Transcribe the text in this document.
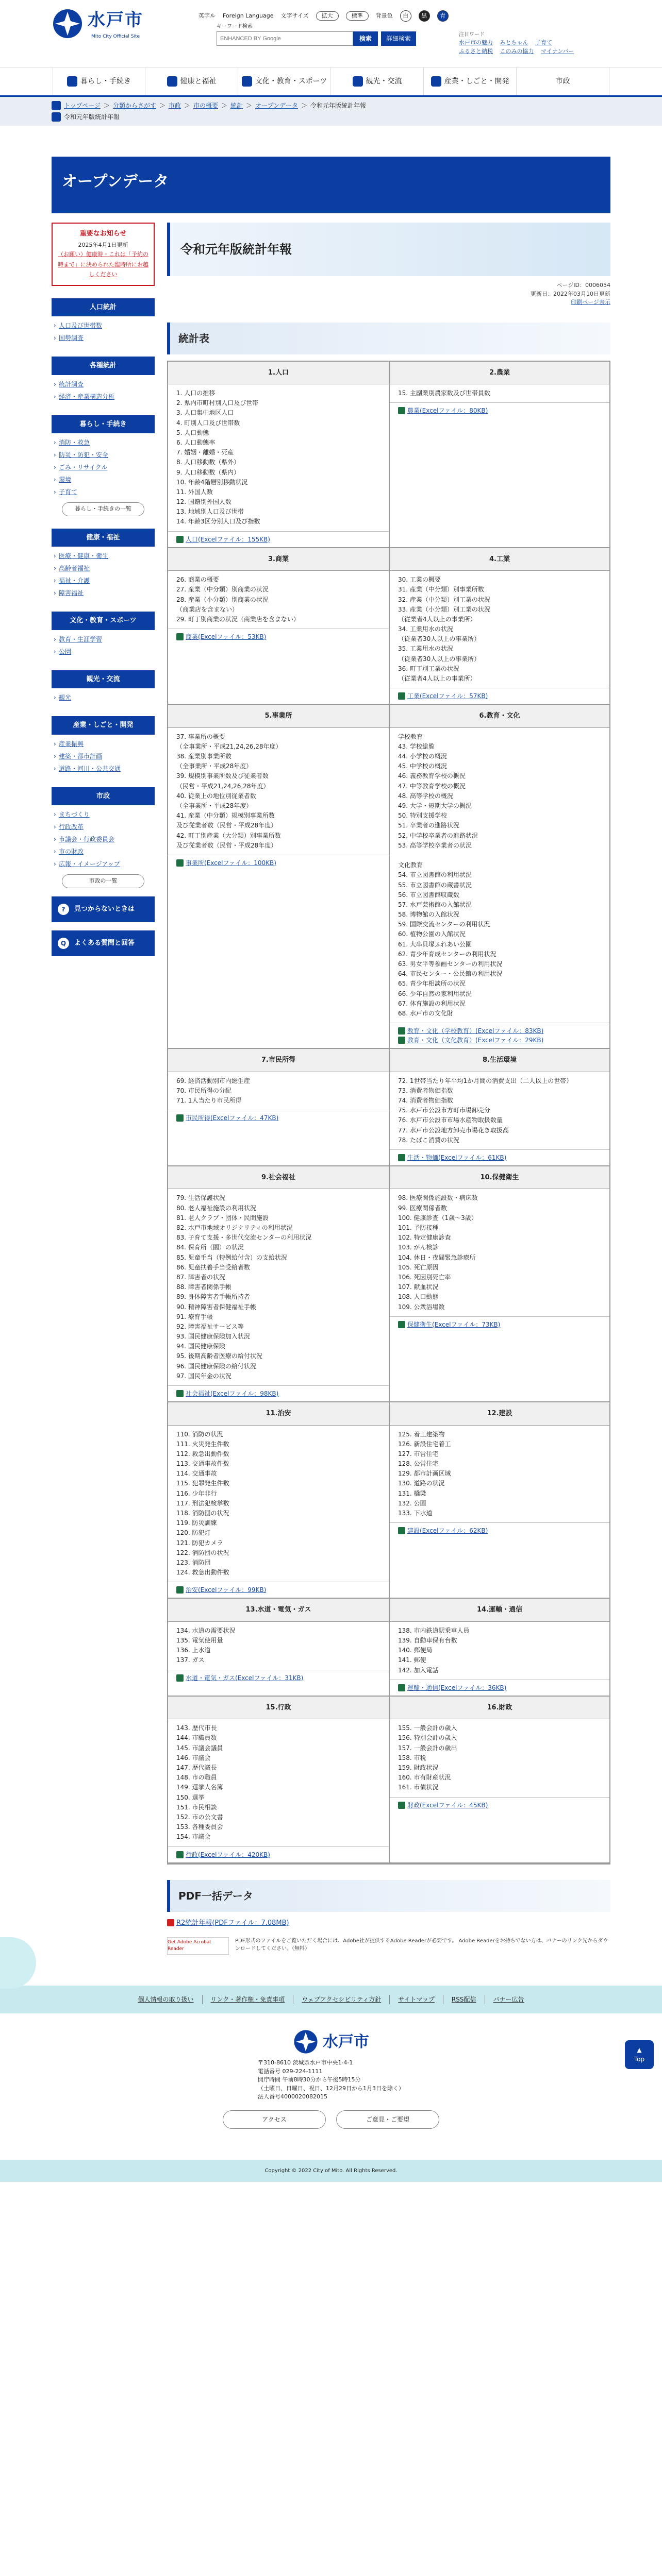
水戸市
Mito City Official Site
英字ル Foreign Language 文字サイズ	拡大	標準	背景色	白	黒	青
キーワード検索
ENHANCED BY Google
検索	詳細検索
注目ワード
水戸市の魅力 みとちゃん 子育て
ふるさと納税 このみの協力 マイナンバー
暮らし・手続き	健康と福祉	文化・教育・スポーツ	観光・交流	産業・しごと・開発	市政
トップページ ＞ 分類からさがす ＞ 市政 ＞ 市の概要 ＞ 統計 ＞ オープンデータ ＞ 令和元年版統計年報
令和元年版統計年報
オープンデータ
重要なお知らせ
2025年4月1日更新
（お願い）健康時・これは「予約の時まで」に決められた臨時所にお越しください
人口統計
› 人口及び世帯数
› 国勢調査
各種統計
› 統計調査
› 経済・産業構造分析
暮らし・手続き
› 消防・救急
› 防災・防犯・安全
› ごみ・リサイクル
› 環境
› 子育て
暮らし・手続きの一覧
健康・福祉
› 医療・健康・衛生
› 高齢者福祉
› 福祉・介護
› 障害福祉
文化・教育・スポーツ
› 教育・生涯学習
› 公園
観光・交流
› 観光
産業・しごと・開発
› 産業振興
› 建築・都市計画
› 道路・河川・公共交通
市政
› まちづくり
› 行政改革
› 市議会・行政委員会
› 市の財政
› 広報・イメージアップ
市政の一覧
?	見つからないときは
Q	よくある質問と回答
令和元年版統計年報
ページID：0006054
更新日：2022年03月10日更新
印刷ページ表示
統計表
1.人口

1. 人口の推移
2. 県内市町村別人口及び世帯
3. 人口集中地区人口
4. 町別人口及び世帯数
5. 人口動態
6. 人口動態率
7. 婚姻・離婚・死産
8. 人口移動数（県外）
9. 人口移動数（県内）
10. 年齢4階層別移動状況
11. 外国人数
12. 国籍別外国人数
13. 地域別人口及び世帯
14. 年齢3区分別人口及び指数

人口(Excelファイル：155KB)
2.農業

15. 主副業別農家数及び世帯員数

農業(Excelファイル：80KB)
3.商業

26. 商業の概要
27. 産業（中分類）別商業の状況
28. 産業（小分類）別商業の状況
（商業店を含まない）
29. 町丁別商業の状況（商業店を含まない）

商業(Excelファイル：53KB)
4.工業

30. 工業の概要
31. 産業（中分類）別事業所数
32. 産業（中分類）別工業の状況
33. 産業（小分類）別工業の状況
（従業者4人以上の事業所）
34. 工業用水の状況
（従業者30人以上の事業所）
35. 工業用水の状況
（従業者30人以上の事業所）
36. 町丁別工業の状況
（従業者4人以上の事業所）

工業(Excelファイル：57KB)
5.事業所

37. 事業所の概要
（全事業所・平成21,24,26,28年度）
38. 産業別事業所数
（全事業所・平成28年度）
39. 規模別事業所数及び従業者数
（民営・平成21,24,26,28年度）
40. 従業上の地位別従業者数
（全事業所・平成28年度）
41. 産業（中分類）規模別事業所数
及び従業者数（民営・平成28年度）
42. 町丁別産業（大分類）別事業所数
及び従業者数（民営・平成28年度）

事業所(Excelファイル：100KB)
6.教育・文化

学校教育
43. 学校総覧
44. 小学校の概況
45. 中学校の概況
46. 義務教育学校の概況
47. 中等教育学校の概況
48. 高等学校の概況
49. 大学・短期大学の概況
50. 特別支援学校
51. 卒業者の進路状況
52. 中学校卒業者の進路状況
53. 高等学校卒業者の状況

文化教育
54. 市立図書館の利用状況
55. 市立図書館の蔵書状況
56. 市立図書館収蔵数
57. 水戸芸術館の入館状況
58. 博物館の入館状況
59. 国際交流センターの利用状況
60. 植物公園の入館状況
61. 大串貝塚ふれあい公園
62. 青少年育成センターの利用状況
63. 男女平等参画センターの利用状況
64. 市民センター・公民館の利用状況
65. 青少年相談所の状況
66. 少年自然の家利用状況
67. 体育施設の利用状況
68. 水戸市の文化財

教育・文化（学校教育）(Excelファイル：83KB)
教育・文化（文化教育）(Excelファイル：29KB)
7.市民所得

69. 経済活動別市内総生産
70. 市民所得の分配
71. 1人当たり市民所得

市民所得(Excelファイル：47KB)
8.生活環境

72. 1世帯当たり年平均1か月間の消費支出（二人以上の世帯）
73. 消費者物価指数
74. 消費者物価指数
75. 水戸市公設市方町市場卸売分
76. 水戸市公設市市場水産物取扱数量
77. 水戸市公設地方卸売市場花き取扱高
78. たばこ消費の状況

生活・物価(Excelファイル：61KB)
9.社会福祉

79. 生活保護状況
80. 老人福祉施設の利用状況
81. 老人クラブ・団体・民間施設
82. 水戸市地域オリジナリティの利用状況
83. 子育て支援・多世代交流センターの利用状況
84. 保育所（園）の状況
85. 児童手当（特例給付含）の支給状況
86. 児童扶養手当受給者数
87. 障害者の状況
88. 障害者関係手帳
89. 身体障害者手帳所持者
90. 精神障害者保健福祉手帳
91. 療育手帳
92. 障害福祉サービス等
93. 国民健康保険加入状況
94. 国民健康保険
95. 後期高齢者医療の給付状況
96. 国民健康保険の給付状況
97. 国民年金の状況

社会福祉(Excelファイル：98KB)
10.保健衛生

98. 医療関係施設数・病床数
99. 医療関係者数
100. 健康診査（1歳〜3歳）
101. 予防接種
102. 特定健康診査
103. がん検診
104. 休日・夜間緊急診療所
105. 死亡原因
106. 死因別死亡率
107. 献血状況
108. 人口動態
109. 公衆浴場数

保健衛生(Excelファイル：73KB)
11.治安

110. 消防の状況
111. 火災発生件数
112. 救急出動件数
113. 交通事故件数
114. 交通事故
115. 犯罪発生件数
116. 少年非行
117. 刑法犯検挙数
118. 消防団の状況
119. 防災訓練
120. 防犯灯
121. 防犯カメラ
122. 消防団の状況
123. 消防団
124. 救急出動件数

治安(Excelファイル：99KB)
12.建設

125. 着工建築物
126. 新設住宅着工
127. 市営住宅
128. 公営住宅
129. 都市計画区域
130. 道路の状況
131. 橋梁
132. 公園
133. 下水道

建設(Excelファイル：62KB)
13.水道・電気・ガス

134. 水道の需要状況
135. 電気使用量
136. 上水道
137. ガス

水道・電気・ガス(Excelファイル：31KB)
14.運輸・通信

138. 市内鉄道駅乗車人員
139. 自動車保有台数
140. 郵便局
141. 郵便
142. 加入電話

運輸・通信(Excelファイル：36KB)
15.行政

143. 歴代市長
144. 市職員数
145. 市議会議員
146. 市議会
147. 歴代議長
148. 市の職員
149. 選挙人名簿
150. 選挙
151. 市民相談
152. 市の公文書
153. 各種委員会
154. 市議会

行政(Excelファイル：420KB)
16.財政

155. 一般会計の歳入
156. 特別会計の歳入
157. 一般会計の歳出
158. 市税
159. 財政状況
160. 市有財産状況
161. 市債状況

財政(Excelファイル：45KB)
PDF一括データ
R2統計年報(PDFファイル：7.08MB)
Get Adobe Acrobat Reader
PDF形式のファイルをご覧いただく場合には、Adobe社が提供するAdobe Readerが必要です。 Adobe Readerをお持ちでない方は、バナーのリンク先からダウンロードしてください。（無料）
個人情報の取り扱い	リンク・著作権・免責事項	ウェブアクセシビリティ方針	サイトマップ	RSS配信	バナー広告
水戸市
〒310-8610 茨城県水戸市中央1-4-1
電話番号 029-224-1111
開庁時間 午前8時30分から午後5時15分
（土曜日、日曜日、祝日、12月29日から1月3日を除く）
法人番号4000020082015
アクセス	ご意見・ご要望
Copyright © 2022 City of Mito. All Rights Reserved.
▲
Top
